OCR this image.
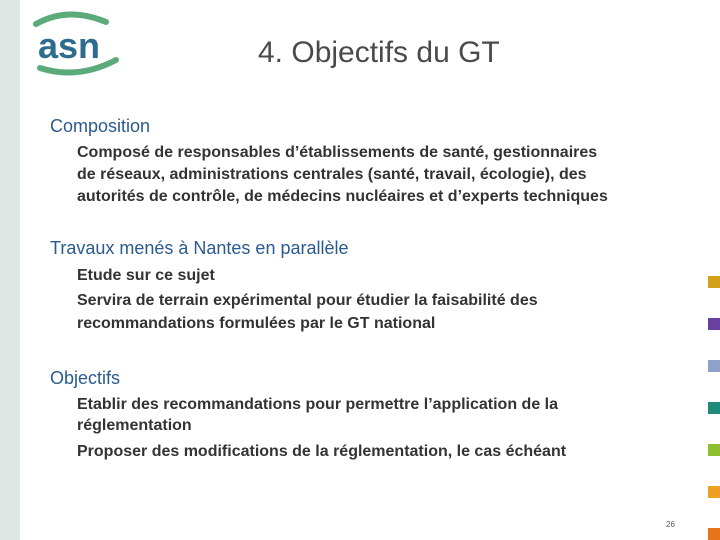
asn	4. Objectifs du GT
Composition
Composé de responsables d’établissements de santé, gestionnaires
de réseaux, administrations centrales (santé, travail, écologie), des
autorités de contrôle, de médecins nucléaires et d’experts techniques
Travaux menés à Nantes en parallèle
Etude sur ce sujet
Servira de terrain expérimental pour étudier la faisabilité des
recommandations formulées par le GT national
Objectifs
Etablir des recommandations pour permettre l’application de la
réglementation
Proposer des modifications de la réglementation, le cas échéant
26
